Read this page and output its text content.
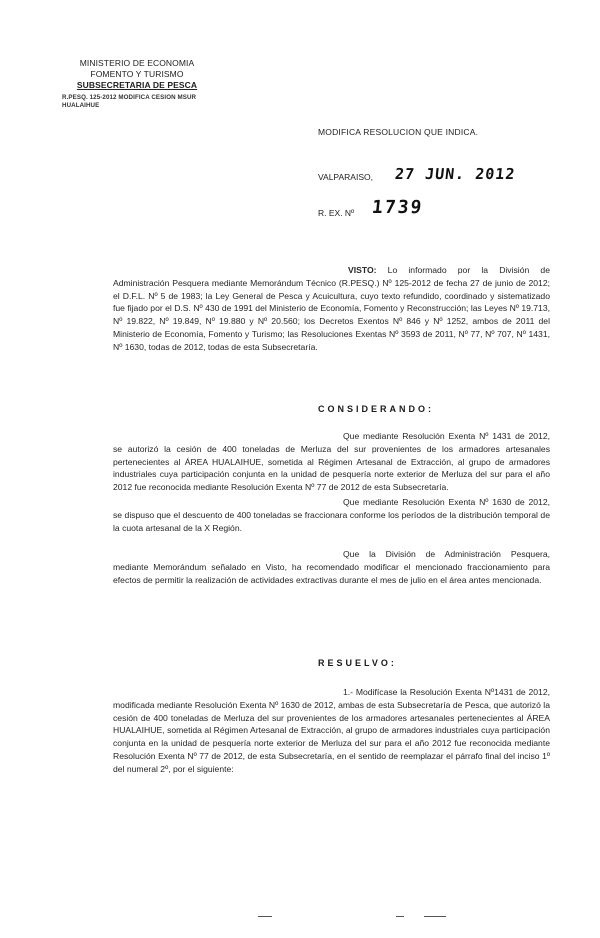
MINISTERIO DE ECONOMIA
FOMENTO Y TURISMO
SUBSECRETARIA DE PESCA
R.PESQ. 125-2012 MODIFICA CESION MSUR
HUALAIHUE
MODIFICA RESOLUCION QUE INDICA.
VALPARAISO, 27 JUN. 2012
R. EX. Nº 1739

VISTO: Lo informado por la División de Administración Pesquera mediante Memorándum Técnico (R.PESQ.) Nº 125-2012 de fecha 27 de junio de 2012; el D.F.L. Nº 5 de 1983; la Ley General de Pesca y Acuicultura, cuyo texto refundido, coordinado y sistematizado fue fijado por el D.S. Nº 430 de 1991 del Ministerio de Economía, Fomento y Reconstrucción; las Leyes Nº 19.713, Nº 19.822, Nº 19.849, Nº 19.880 y Nº 20.560; los Decretos Exentos Nº 846 y Nº 1252, ambos de 2011 del Ministerio de Economía, Fomento y Turismo; las Resoluciones Exentas Nº 3593 de 2011, Nº 77, Nº 707, Nº 1431, Nº 1630, todas de 2012, todas de esta Subsecretaría.

CONSIDERANDO:

Que mediante Resolución Exenta Nº 1431 de 2012, se autorizó la cesión de 400 toneladas de Merluza del sur provenientes de los armadores artesanales pertenecientes al ÁREA HUALAIHUE, sometida al Régimen Artesanal de Extracción, al grupo de armadores industriales cuya participación conjunta en la unidad de pesquería norte exterior de Merluza del sur para el año 2012 fue reconocida mediante Resolución Exenta Nº 77 de 2012 de esta Subsecretaría.

Que mediante Resolución Exenta Nº 1630 de 2012, se dispuso que el descuento de 400 toneladas se fraccionara conforme los períodos de la distribución temporal de la cuota artesanal de la X Región.

Que la División de Administración Pesquera, mediante Memorándum señalado en Visto, ha recomendado modificar el mencionado fraccionamiento para efectos de permitir la realización de actividades extractivas durante el mes de julio en el área antes mencionada.

RESUELVO:

1.- Modifícase la Resolución Exenta Nº1431 de 2012, modificada mediante Resolución Exenta Nº 1630 de 2012, ambas de esta Subsecretaría de Pesca, que autorizó la cesión de 400 toneladas de Merluza del sur provenientes de los armadores artesanales pertenecientes al ÁREA HUALAIHUE, sometida al Régimen Artesanal de Extracción, al grupo de armadores industriales cuya participación conjunta en la unidad de pesquería norte exterior de Merluza del sur para el año 2012 fue reconocida mediante Resolución Exenta Nº 77 de 2012, de esta Subsecretaría, en el sentido de reemplazar el párrafo final del inciso 1º del numeral 2º, por el siguiente:
